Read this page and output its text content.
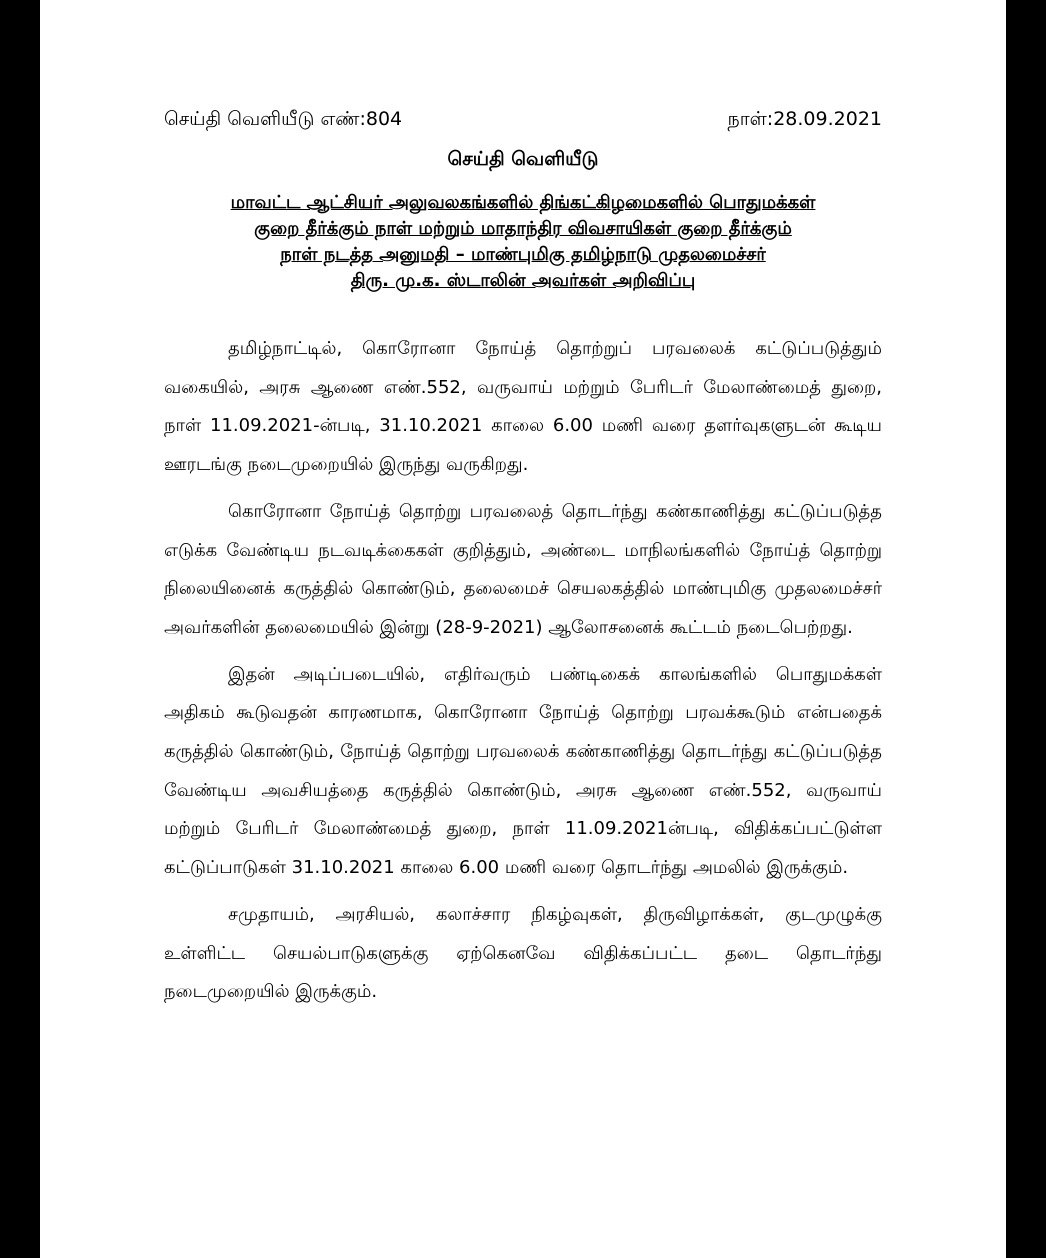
செய்தி வெளியீடு எண்:804	நாள்:28.09.2021
செய்தி வெளியீடு
மாவட்ட ஆட்சியர் அலுவலகங்களில் திங்கட்கிழமைகளில் பொதுமக்கள்
குறை தீர்க்கும் நாள் மற்றும் மாதாந்திர விவசாயிகள் குறை தீர்க்கும்
நாள் நடத்த அனுமதி – மாண்புமிகு தமிழ்நாடு முதலமைச்சர்
திரு. மு.க. ஸ்டாலின் அவர்கள் அறிவிப்பு

தமிழ்நாட்டில், கொரோனா நோய்த் தொற்றுப் பரவலைக் கட்டுப்படுத்தும் வகையில், அரசு ஆணை எண்.552, வருவாய் மற்றும் பேரிடர் மேலாண்மைத் துறை, நாள் 11.09.2021-ன்படி, 31.10.2021 காலை 6.00 மணி வரை தளர்வுகளுடன் கூடிய ஊரடங்கு நடைமுறையில் இருந்து வருகிறது.

கொரோனா நோய்த் தொற்று பரவலைத் தொடர்ந்து கண்காணித்து கட்டுப்படுத்த எடுக்க வேண்டிய நடவடிக்கைகள் குறித்தும், அண்டை மாநிலங்களில் நோய்த் தொற்று நிலையினைக் கருத்தில் கொண்டும், தலைமைச் செயலகத்தில் மாண்புமிகு முதலமைச்சர் அவர்களின் தலைமையில் இன்று (28-9-2021) ஆலோசனைக் கூட்டம் நடைபெற்றது.

இதன் அடிப்படையில், எதிர்வரும் பண்டிகைக் காலங்களில் பொதுமக்கள் அதிகம் கூடுவதன் காரணமாக, கொரோனா நோய்த் தொற்று பரவக்கூடும் என்பதைக் கருத்தில் கொண்டும், நோய்த் தொற்று பரவலைக் கண்காணித்து தொடர்ந்து கட்டுப்படுத்த வேண்டிய அவசியத்தை கருத்தில் கொண்டும், அரசு ஆணை எண்.552, வருவாய் மற்றும் பேரிடர் மேலாண்மைத் துறை, நாள் 11.09.2021ன்படி, விதிக்கப்பட்டுள்ள கட்டுப்பாடுகள் 31.10.2021 காலை 6.00 மணி வரை தொடர்ந்து அமலில் இருக்கும்.

சமுதாயம், அரசியல், கலாச்சார நிகழ்வுகள், திருவிழாக்கள், குடமுழுக்கு உள்ளிட்ட செயல்பாடுகளுக்கு ஏற்கெனவே விதிக்கப்பட்ட தடை தொடர்ந்து நடைமுறையில் இருக்கும்.
